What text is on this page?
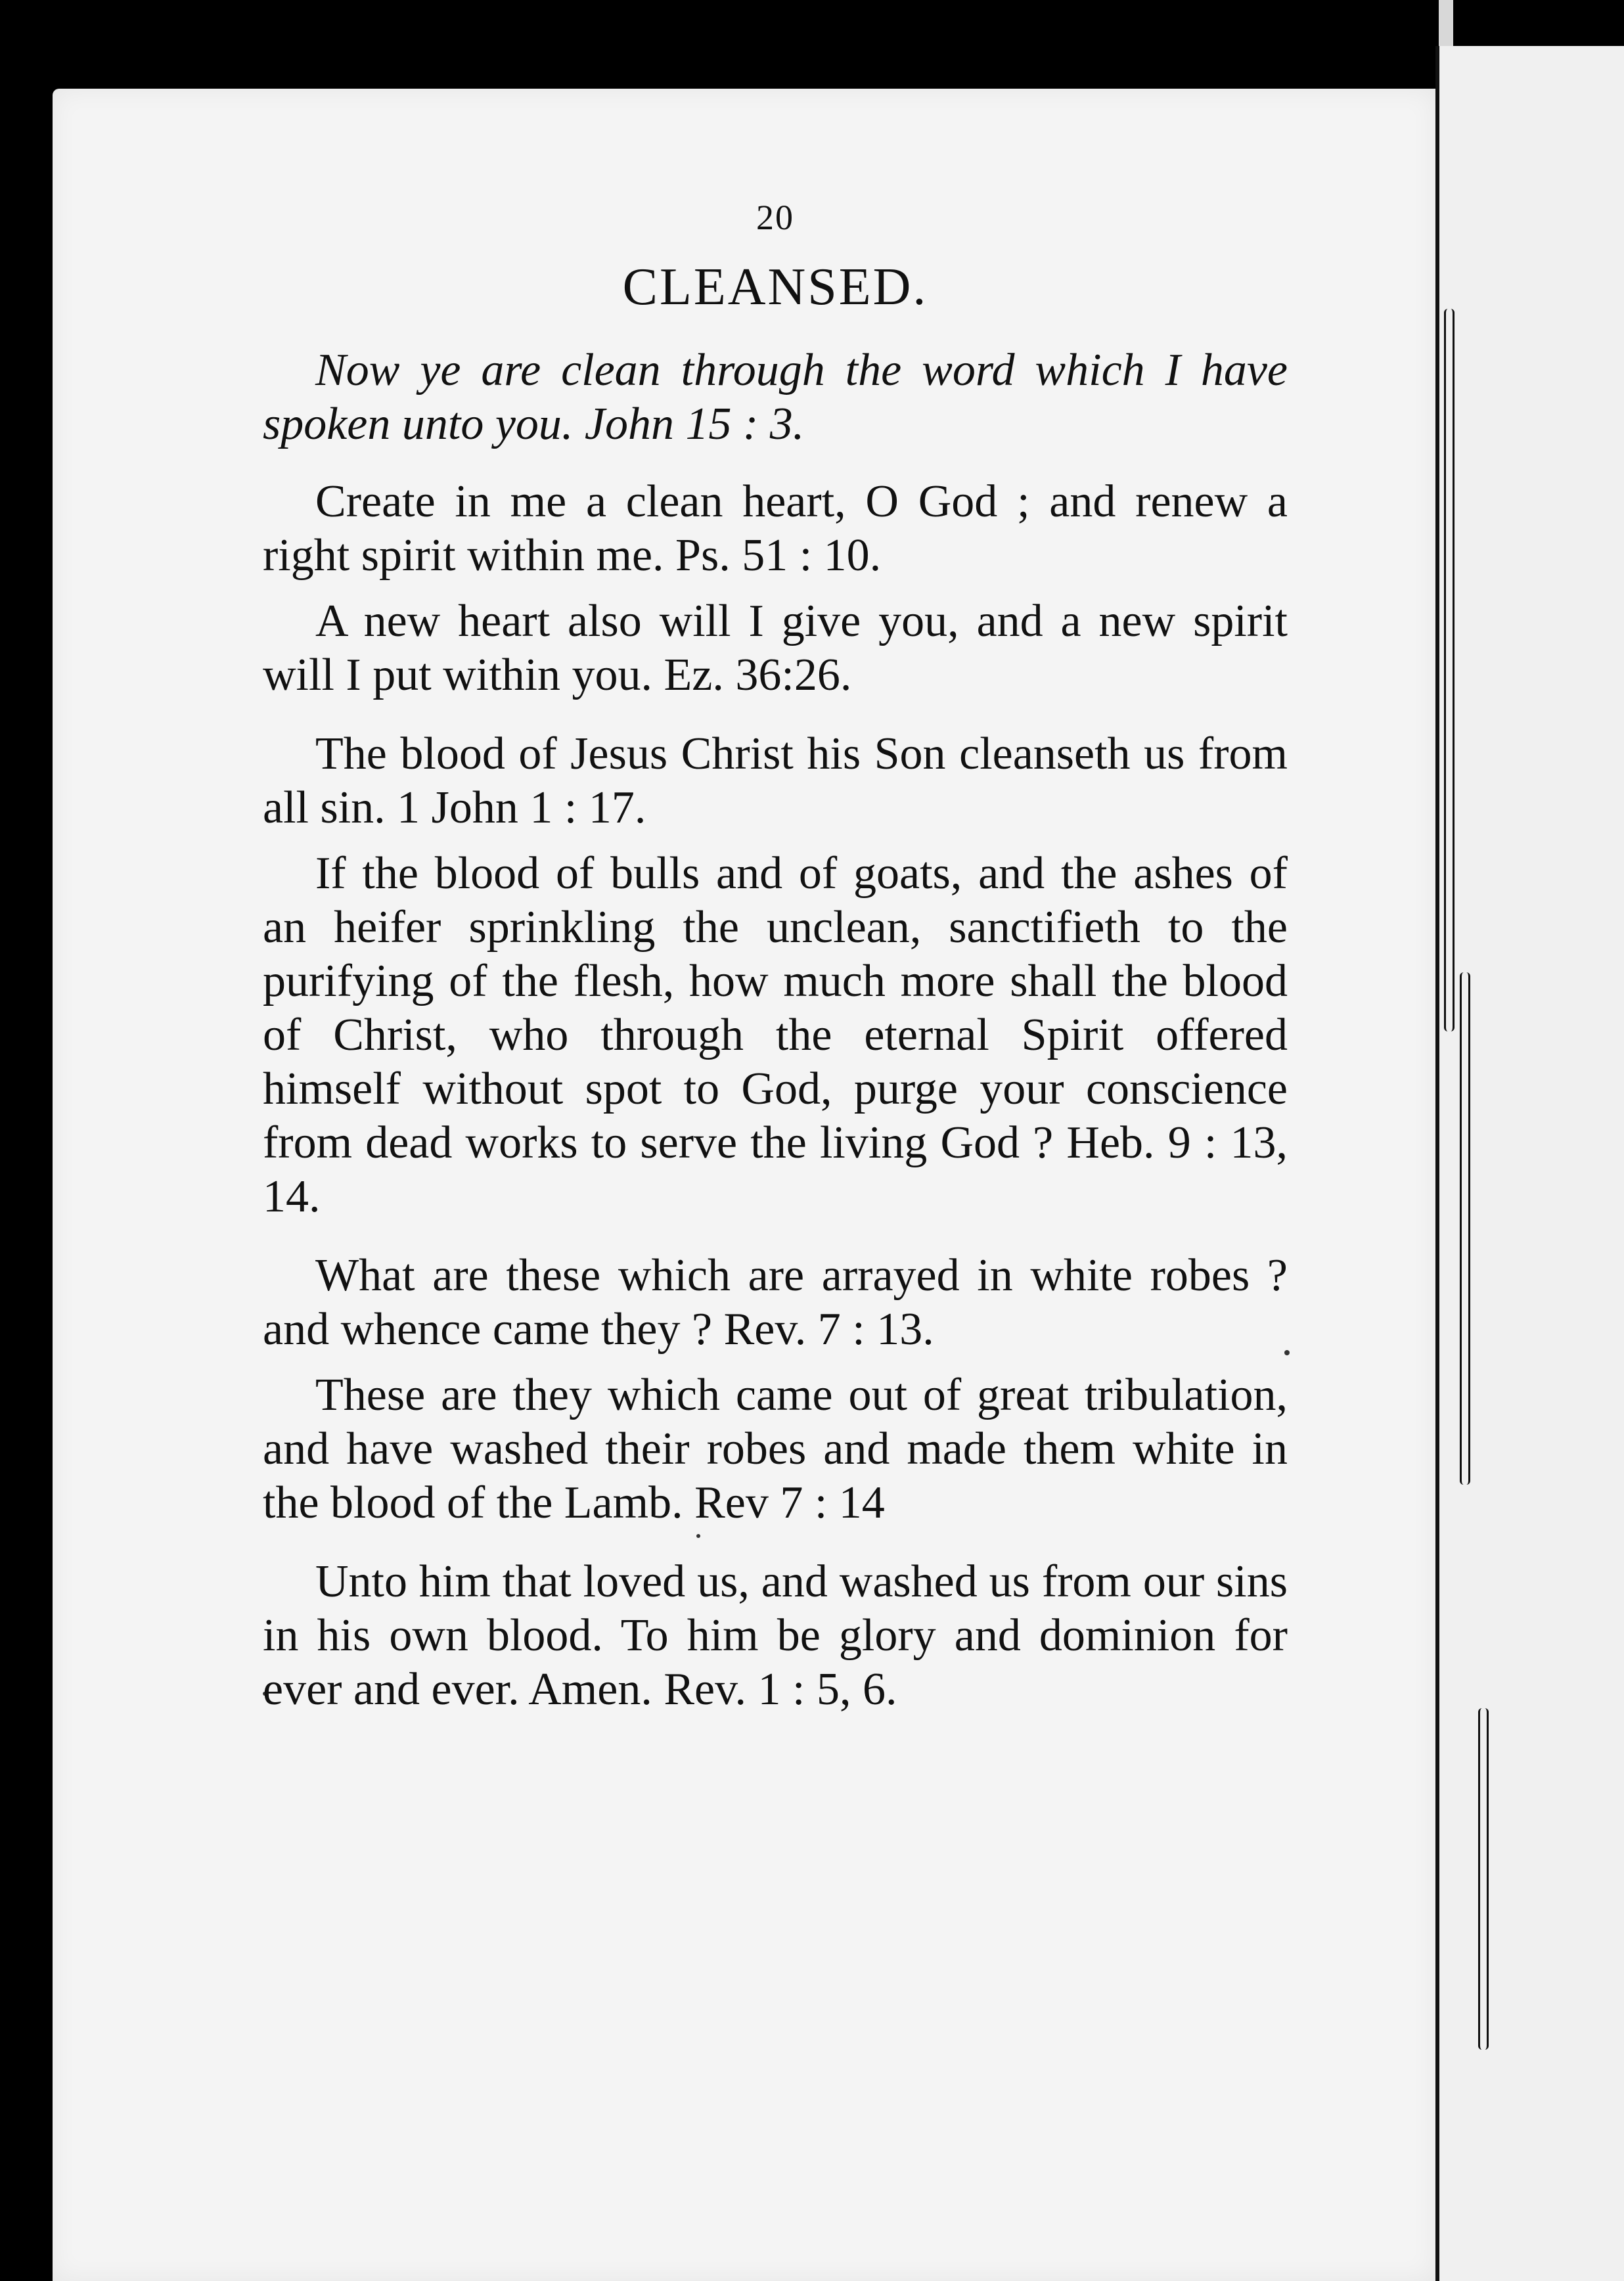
20
CLEANSED.

Now ye are clean through the word which I have spoken unto you. John 15 : 3.

Create in me a clean heart, O God ; and renew a right spirit within me. Ps. 51 : 10.

A new heart also will I give you, and a new spirit will I put within you. Ez. 36:26.

The blood of Jesus Christ his Son cleanseth us from all sin. 1 John 1 : 17.

If the blood of bulls and of goats, and the ashes of an heifer sprinkling the unclean, sanctifieth to the purifying of the flesh, how much more shall the blood of Christ, who through the eternal Spirit offered himself without spot to God, purge your conscience from dead works to serve the living God ? Heb. 9 : 13, 14.

What are these which are arrayed in white robes ? and whence came they ? Rev. 7 : 13.

These are they which came out of great tribulation, and have washed their robes and made them white in the blood of the Lamb. Rev 7 : 14

Unto him that loved us, and washed us from our sins in his own blood. To him be glory and dominion for ever and ever. Amen. Rev. 1 : 5, 6.
